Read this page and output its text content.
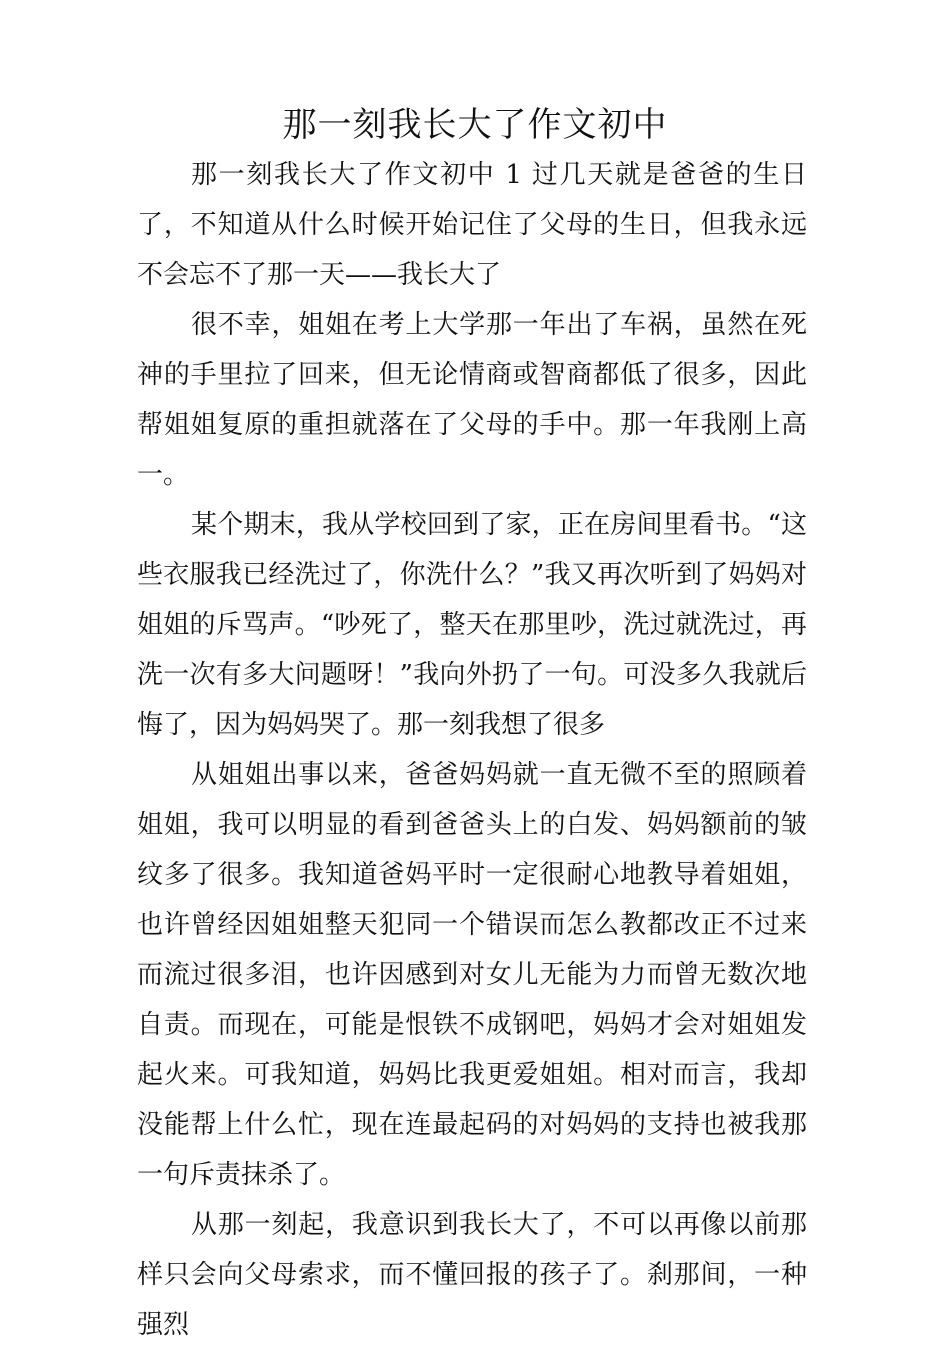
那一刻我长大了作文初中

那一刻我长大了作文初中 1 过几天就是爸爸的生日了，不知道从什么时候开始记住了父母的生日，但我永远不会忘不了那一天——我长大了

很不幸，姐姐在考上大学那一年出了车祸，虽然在死神的手里拉了回来，但无论情商或智商都低了很多，因此帮姐姐复原的重担就落在了父母的手中。那一年我刚上高一。

某个期末，我从学校回到了家，正在房间里看书。“这些衣服我已经洗过了，你洗什么？”我又再次听到了妈妈对姐姐的斥骂声。“吵死了，整天在那里吵，洗过就洗过，再洗一次有多大问题呀！”我向外扔了一句。可没多久我就后悔了，因为妈妈哭了。那一刻我想了很多

从姐姐出事以来，爸爸妈妈就一直无微不至的照顾着姐姐，我可以明显的看到爸爸头上的白发、妈妈额前的皱纹多了很多。我知道爸妈平时一定很耐心地教导着姐姐，也许曾经因姐姐整天犯同一个错误而怎么教都改正不过来而流过很多泪，也许因感到对女儿无能为力而曾无数次地自责。而现在，可能是恨铁不成钢吧，妈妈才会对姐姐发起火来。可我知道，妈妈比我更爱姐姐。相对而言，我却没能帮上什么忙，现在连最起码的对妈妈的支持也被我那一句斥责抹杀了。

从那一刻起，我意识到我长大了，不可以再像以前那样只会向父母索求，而不懂回报的孩子了。刹那间，一种强烈
